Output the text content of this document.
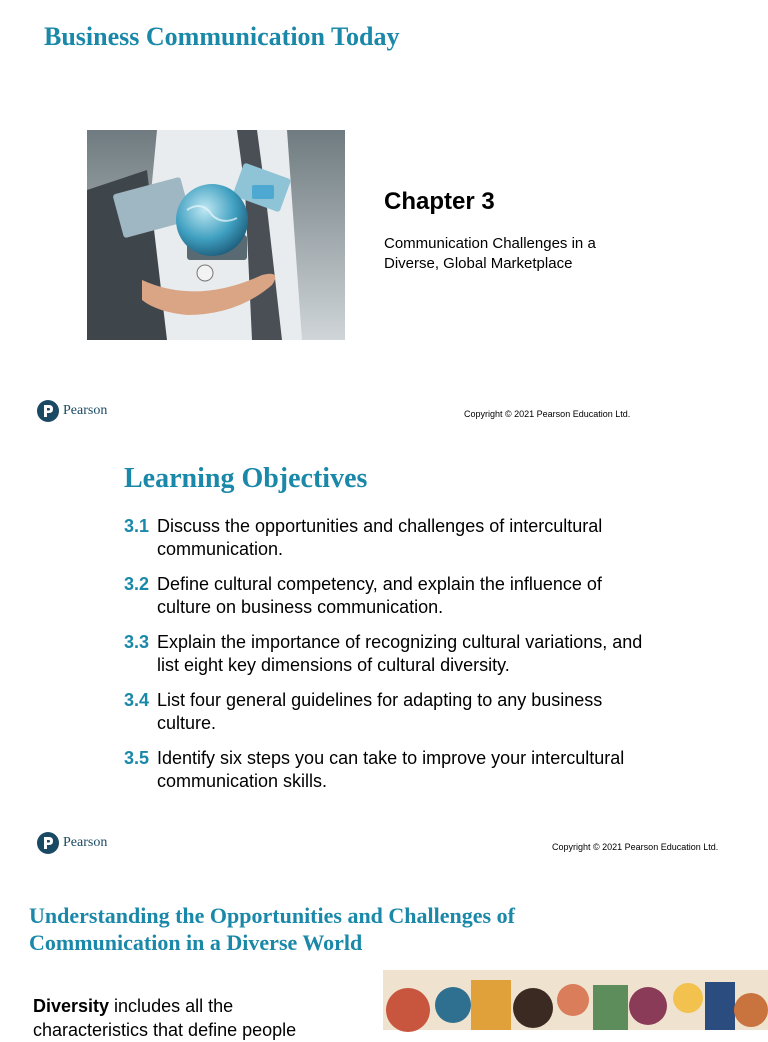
Business Communication Today
Chapter 3

Communication Challenges in a Diverse, Global Marketplace

Pearson	Copyright © 2021 Pearson Education Ltd.
Learning Objectives
3.1 Discuss the opportunities and challenges of intercultural communication.
3.2 Define cultural competency, and explain the influence of culture on business communication.
3.3 Explain the importance of recognizing cultural variations, and list eight key dimensions of cultural diversity.
3.4 List four general guidelines for adapting to any business culture.
3.5 Identify six steps you can take to improve your intercultural communication skills.
Pearson	Copyright © 2021 Pearson Education Ltd.
Understanding the Opportunities and Challenges of Communication in a Diverse World

Diversity includes all the characteristics that define people
